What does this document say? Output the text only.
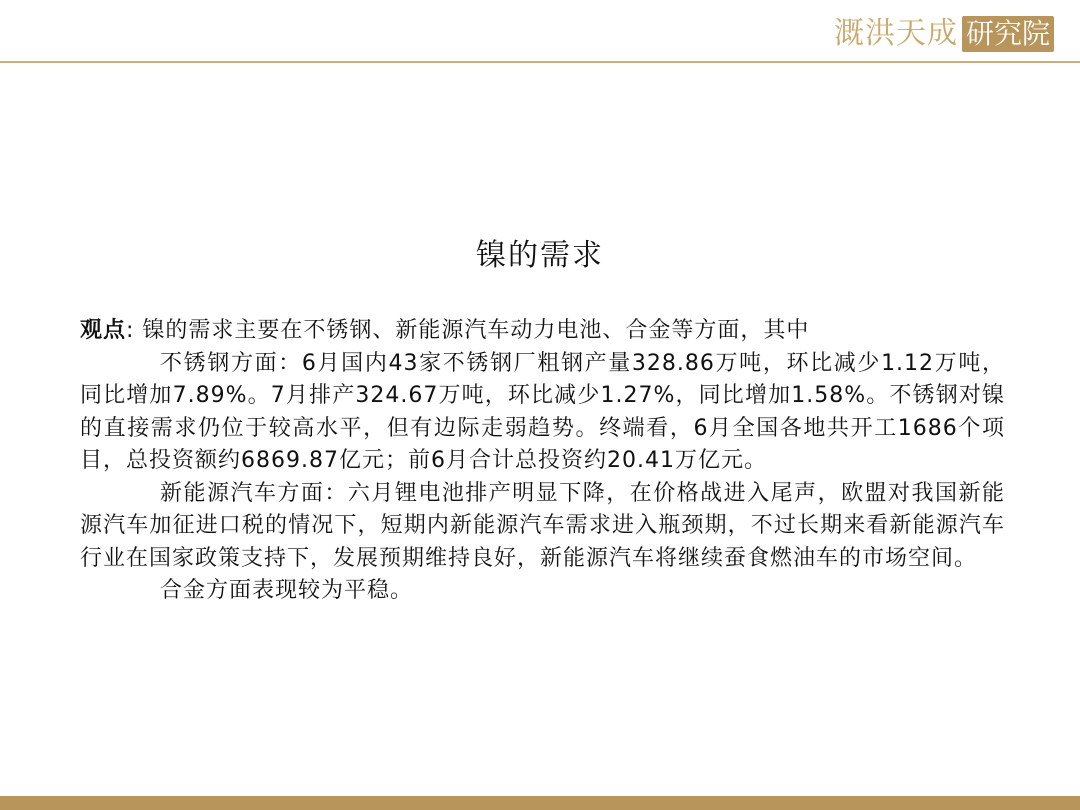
溉洪天成 研究院
镍的需求

观点: 镍的需求主要在不锈钢、新能源汽车动力电池、合金等方面，其中

不锈钢方面：6月国内43家不锈钢厂粗钢产量328.86万吨，环比减少1.12万吨，同比增加7.89%。7月排产324.67万吨，环比减少1.27%，同比增加1.58%。不锈钢对镍的直接需求仍位于较高水平，但有边际走弱趋势。终端看，6月全国各地共开工1686个项目，总投资额约6869.87亿元；前6月合计总投资约20.41万亿元。

新能源汽车方面：六月锂电池排产明显下降，在价格战进入尾声，欧盟对我国新能源汽车加征进口税的情况下，短期内新能源汽车需求进入瓶颈期，不过长期来看新能源汽车行业在国家政策支持下，发展预期维持良好，新能源汽车将继续蚕食燃油车的市场空间。

合金方面表现较为平稳。
